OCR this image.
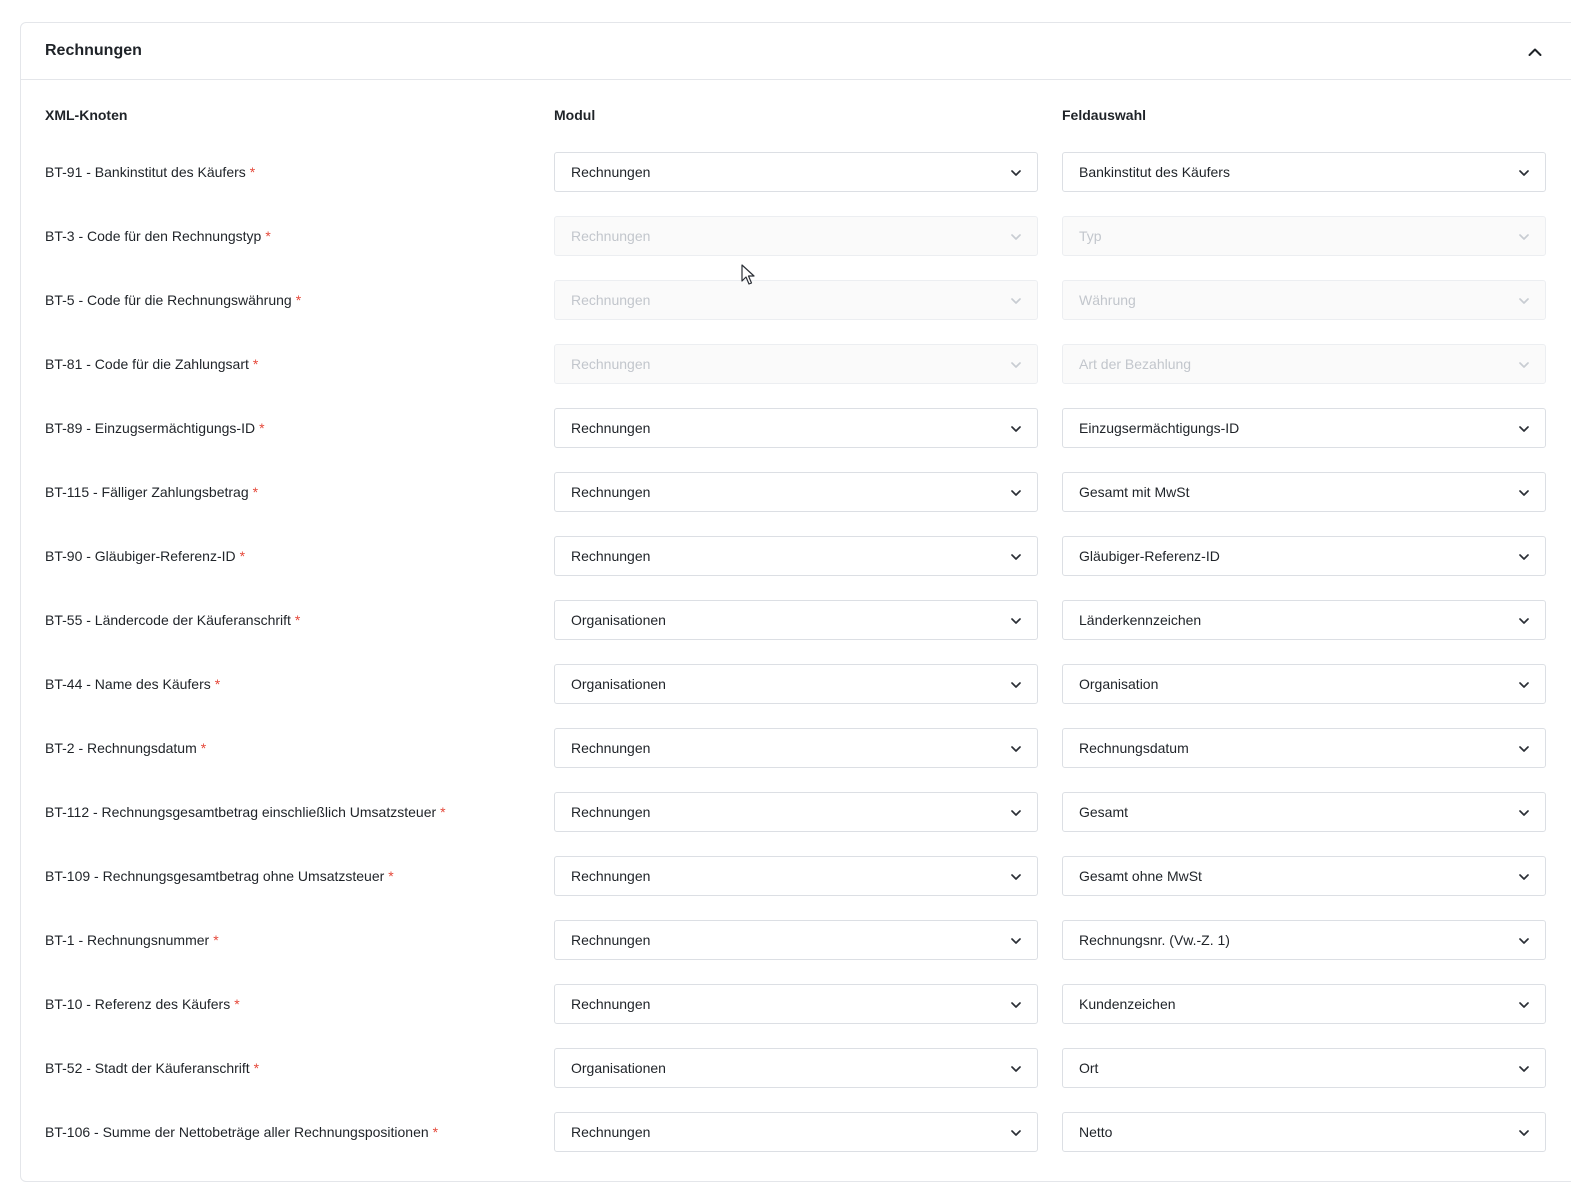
Rechnungen
XML-Knoten	Modul	Feldauswahl
BT-91 - Bankinstitut des Käufers *	Rechnungen	Bankinstitut des Käufers
BT-3 - Code für den Rechnungstyp *	Rechnungen	Typ
BT-5 - Code für die Rechnungswährung *	Rechnungen	Währung
BT-81 - Code für die Zahlungsart *	Rechnungen	Art der Bezahlung
BT-89 - Einzugsermächtigungs-ID *	Rechnungen	Einzugsermächtigungs-ID
BT-115 - Fälliger Zahlungsbetrag *	Rechnungen	Gesamt mit MwSt
BT-90 - Gläubiger-Referenz-ID *	Rechnungen	Gläubiger-Referenz-ID
BT-55 - Ländercode der Käuferanschrift *	Organisationen	Länderkennzeichen
BT-44 - Name des Käufers *	Organisationen	Organisation
BT-2 - Rechnungsdatum *	Rechnungen	Rechnungsdatum
BT-112 - Rechnungsgesamtbetrag einschließlich Umsatzsteuer *	Rechnungen	Gesamt
BT-109 - Rechnungsgesamtbetrag ohne Umsatzsteuer *	Rechnungen	Gesamt ohne MwSt
BT-1 - Rechnungsnummer *	Rechnungen	Rechnungsnr. (Vw.-Z. 1)
BT-10 - Referenz des Käufers *	Rechnungen	Kundenzeichen
BT-52 - Stadt der Käuferanschrift *	Organisationen	Ort
BT-106 - Summe der Nettobeträge aller Rechnungspositionen *	Rechnungen	Netto
